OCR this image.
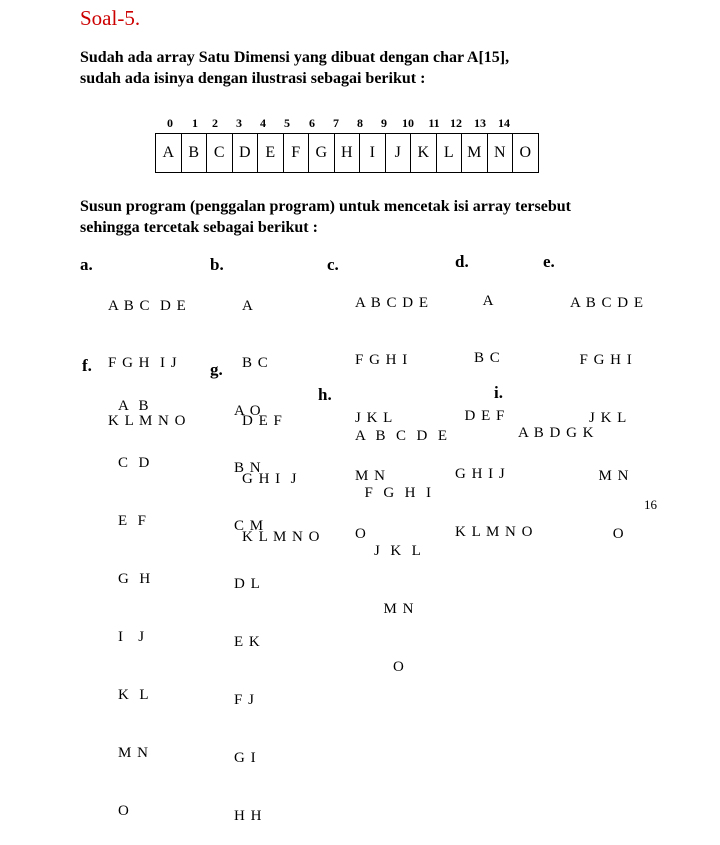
Soal-5.
Sudah ada array Satu Dimensi yang dibuat dengan char A[15],
sudah ada isinya dengan ilustrasi sebagai berikut :
0	1	2	3	4	5	6	7	8	9	10	11 12	13	14
A	B	C	D	E	F	G	H	I	J	K	L	M	N	O
Susun program (penggalan program) untuk mencetak isi array tersebut
sehingga tercetak sebagai berikut :
a.

A B C  D E

F G H  I J

K L M N O

b.

A

B C

D E F

G H I  J

K L M N O

c.

A B C D E

F G H I

J K L

M N

O

d.

A

B C

D E F

G H I J

K L M N O

e.

A B C D E

F G H I

J K L

M N

O

f.

A  B

C  D

E  F

G  H

I   J

K  L

M N

O

g.

A O

B N

C M

D L

E K

F J

G I

H H

h.

A  B  C  D  E

F  G  H  I

J  K  L

M N

O

i.

A B D G K

16
